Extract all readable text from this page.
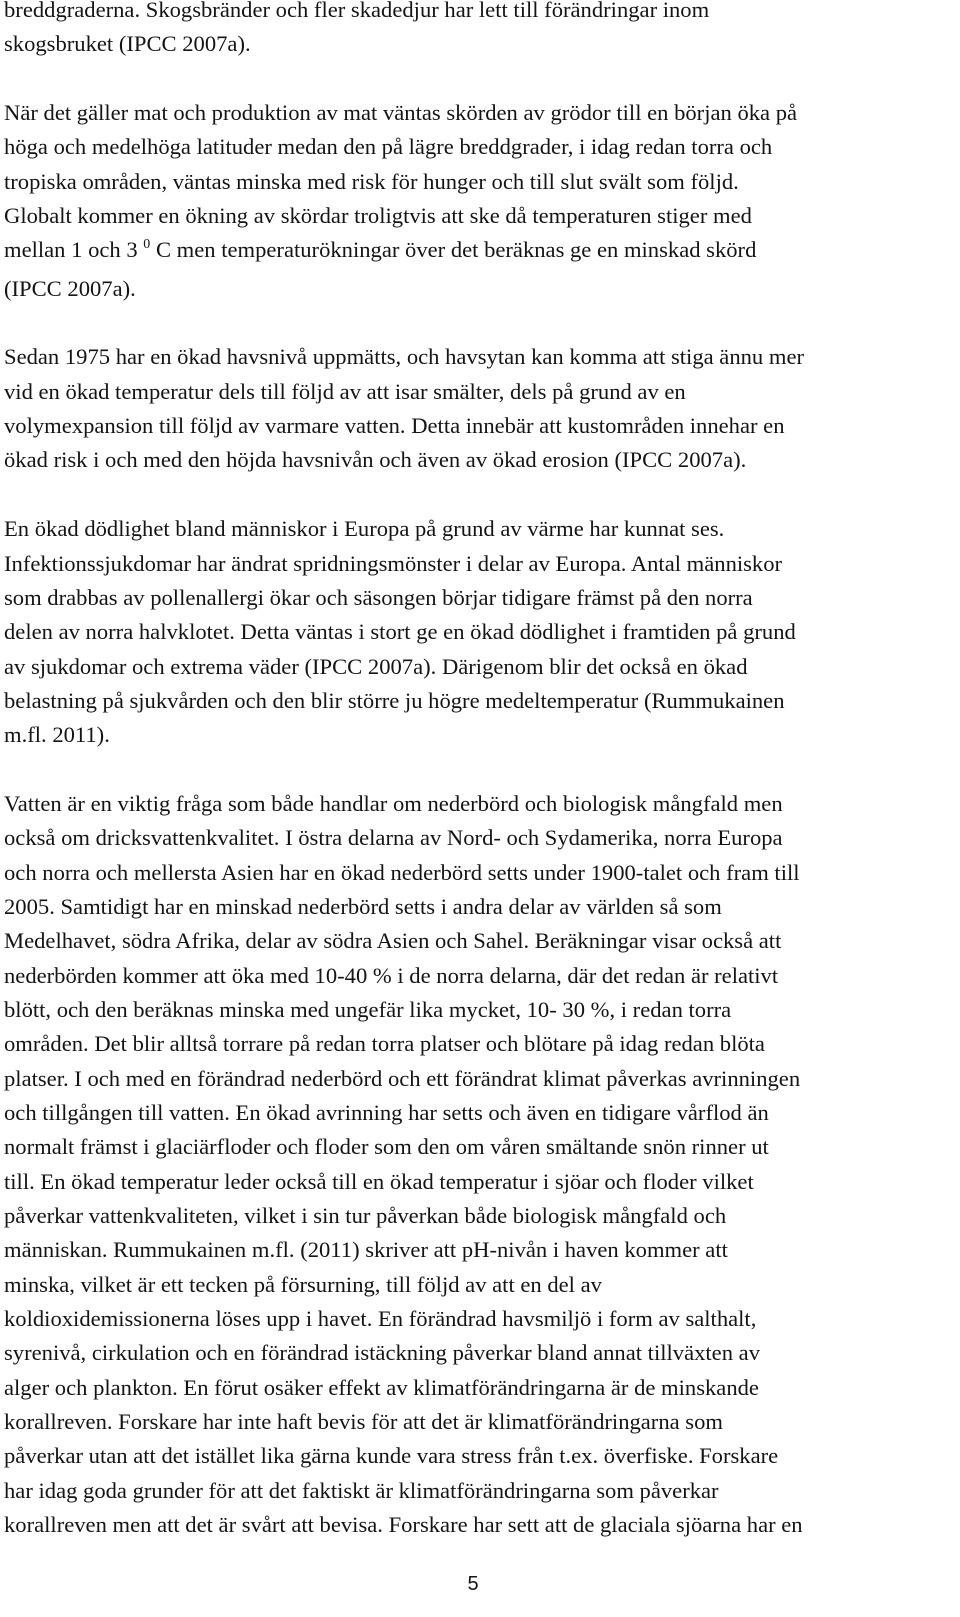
breddgraderna. Skogsbränder och fler skadedjur har lett till förändringar inom
skogsbruket (IPCC 2007a).

När det gäller mat och produktion av mat väntas skörden av grödor till en början öka på
höga och medelhöga latituder medan den på lägre breddgrader, i idag redan torra och
tropiska områden, väntas minska med risk för hunger och till slut svält som följd.
Globalt kommer en ökning av skördar troligtvis att ske då temperaturen stiger med
mellan 1 och 3 $^0$ C men temperaturökningar över det beräknas ge en minskad skörd
(IPCC 2007a).

Sedan 1975 har en ökad havsnivå uppmätts, och havsytan kan komma att stiga ännu mer
vid en ökad temperatur dels till följd av att isar smälter, dels på grund av en
volymexpansion till följd av varmare vatten. Detta innebär att kustområden innehar en
ökad risk i och med den höjda havsnivån och även av ökad erosion (IPCC 2007a).

En ökad dödlighet bland människor i Europa på grund av värme har kunnat ses.
Infektionssjukdomar har ändrat spridningsmönster i delar av Europa. Antal människor
som drabbas av pollenallergi ökar och säsongen börjar tidigare främst på den norra
delen av norra halvklotet. Detta väntas i stort ge en ökad dödlighet i framtiden på grund
av sjukdomar och extrema väder (IPCC 2007a). Därigenom blir det också en ökad
belastning på sjukvården och den blir större ju högre medeltemperatur (Rummukainen
m.fl. 2011).

Vatten är en viktig fråga som både handlar om nederbörd och biologisk mångfald men
också om dricksvattenkvalitet. I östra delarna av Nord- och Sydamerika, norra Europa
och norra och mellersta Asien har en ökad nederbörd setts under 1900-talet och fram till
2005. Samtidigt har en minskad nederbörd setts i andra delar av världen så som
Medelhavet, södra Afrika, delar av södra Asien och Sahel. Beräkningar visar också att
nederbörden kommer att öka med 10-40 % i de norra delarna, där det redan är relativt
blött, och den beräknas minska med ungefär lika mycket, 10- 30 %, i redan torra
områden. Det blir alltså torrare på redan torra platser och blötare på idag redan blöta
platser. I och med en förändrad nederbörd och ett förändrat klimat påverkas avrinningen
och tillgången till vatten. En ökad avrinning har setts och även en tidigare vårflod än
normalt främst i glaciärfloder och floder som den om våren smältande snön rinner ut
till. En ökad temperatur leder också till en ökad temperatur i sjöar och floder vilket
påverkar vattenkvaliteten, vilket i sin tur påverkan både biologisk mångfald och
människan. Rummukainen m.fl. (2011) skriver att pH-nivån i haven kommer att
minska, vilket är ett tecken på försurning, till följd av att en del av
koldioxidemissionerna löses upp i havet. En förändrad havsmiljö i form av salthalt,
syrenivå, cirkulation och en förändrad istäckning påverkar bland annat tillväxten av
alger och plankton. En förut osäker effekt av klimatförändringarna är de minskande
korallreven. Forskare har inte haft bevis för att det är klimatförändringarna som
påverkar utan att det istället lika gärna kunde vara stress från t.ex. överfiske. Forskare
har idag goda grunder för att det faktiskt är klimatförändringarna som påverkar
korallreven men att det är svårt att bevisa. Forskare har sett att de glaciala sjöarna har en

5
